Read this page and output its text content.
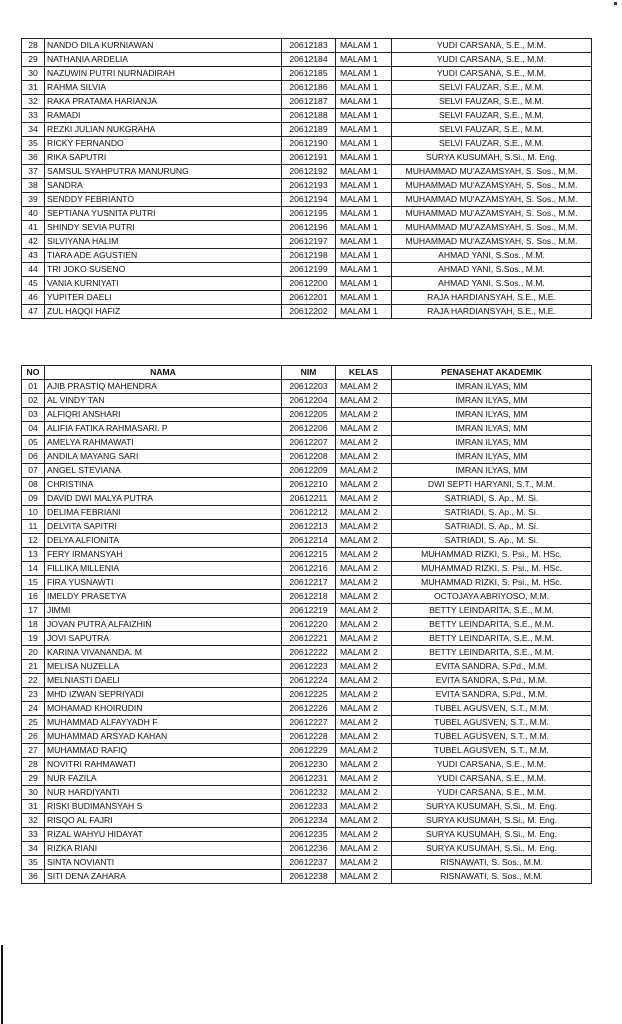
28	NANDO DILA KURNIAWAN	20612183	MALAM 1	YUDI CARSANA, S.E., M.M.
29	NATHANIA ARDELIA	20612184	MALAM 1	YUDI CARSANA, S.E., M.M.
30	NAZUWIN PUTRI NURNADIRAH	20612185	MALAM 1	YUDI CARSANA, S.E., M.M.
31	RAHMA SILVIA	20612186	MALAM 1	SELVI FAUZAR, S.E., M.M.
32	RAKA PRATAMA HARIANJA	20612187	MALAM 1	SELVI FAUZAR, S.E., M.M.
33	RAMADI	20612188	MALAM 1	SELVI FAUZAR, S.E., M.M.
34	REZKI JULIAN NUKGRAHA	20612189	MALAM 1	SELVI FAUZAR, S.E., M.M.
35	RICKY FERNANDO	20612190	MALAM 1	SELVI FAUZAR, S.E., M.M.
36	RIKA SAPUTRI	20612191	MALAM 1	SURYA KUSUMAH, S.Si., M. Eng.
37	SAMSUL SYAHPUTRA MANURUNG	20612192	MALAM 1	MUHAMMAD MU'AZAMSYAH, S. Sos., M.M.
38	SANDRA	20612193	MALAM 1	MUHAMMAD MU'AZAMSYAH, S. Sos., M.M.
39	SENDDY FEBRIANTO	20612194	MALAM 1	MUHAMMAD MU'AZAMSYAH, S. Sos., M.M.
40	SEPTIANA YUSNITA PUTRI	20612195	MALAM 1	MUHAMMAD MU'AZAMSYAH, S. Sos., M.M.
41	SHINDY SEVIA PUTRI	20612196	MALAM 1	MUHAMMAD MU'AZAMSYAH, S. Sos., M.M.
42	SILVIYANA HALIM	20612197	MALAM 1	MUHAMMAD MU'AZAMSYAH, S. Sos., M.M.
43	TIARA ADE AGUSTIEN	20612198	MALAM 1	AHMAD YANI, S.Sos., M.M.
44	TRI JOKO SUSENO	20612199	MALAM 1	AHMAD YANI, S.Sos., M.M.
45	VANIA KURNIYATI	20612200	MALAM 1	AHMAD YANI, S.Sos., M.M.
46	YUPITER DAELI	20612201	MALAM 1	RAJA HARDIANSYAH, S.E., M.E.
47	ZUL HAQQI HAFIZ	20612202	MALAM 1	RAJA HARDIANSYAH, S.E., M.E.
NO	NAMA	NIM	KELAS	PENASEHAT AKADEMIK
01	AJIB PRASTIQ MAHENDRA	20612203	MALAM 2	IMRAN ILYAS, MM
02	AL VINDY TAN	20612204	MALAM 2	IMRAN ILYAS, MM
03	ALFIQRI ANSHARI	20612205	MALAM 2	IMRAN ILYAS, MM
04	ALIFIA FATIKA RAHMASARI. P	20612206	MALAM 2	IMRAN ILYAS, MM
05	AMELYA RAHMAWATI	20612207	MALAM 2	IMRAN ILYAS, MM
06	ANDILA MAYANG SARI	20612208	MALAM 2	IMRAN ILYAS, MM
07	ANGEL STEVIANA	20612209	MALAM 2	IMRAN ILYAS, MM
08	CHRISTINA	20612210	MALAM 2	DWI SEPTI HARYANI, S.T., M.M.
09	DAVID DWI MALYA PUTRA	20612211	MALAM 2	SATRIADI, S. Ap., M. Si.
10	DELIMA FEBRIANI	20612212	MALAM 2	SATRIADI, S. Ap., M. Si.
11	DELVITA SAPITRI	20612213	MALAM 2	SATRIADI, S. Ap., M. Si.
12	DELYA ALFIONITA	20612214	MALAM 2	SATRIADI, S. Ap., M. Si.
13	FERY IRMANSYAH	20612215	MALAM 2	MUHAMMAD RIZKI, S. Psi., M. HSc.
14	FILLIKA MILLENIA	20612216	MALAM 2	MUHAMMAD RIZKI, S. Psi., M. HSc.
15	FIRA YUSNAWTI	20612217	MALAM 2	MUHAMMAD RIZKI, S. Psi., M. HSc.
16	IMELDY PRASETYA	20612218	MALAM 2	OCTOJAYA ABRIYOSO, M.M.
17	JIMMI	20612219	MALAM 2	BETTY LEINDARITA, S.E., M.M.
18	JOVAN PUTRA ALFAIZHIN	20612220	MALAM 2	BETTY LEINDARITA, S.E., M.M.
19	JOVI SAPUTRA	20612221	MALAM 2	BETTY LEINDARITA, S.E., M.M.
20	KARINA VIVANANDA. M	20612222	MALAM 2	BETTY LEINDARITA, S.E., M.M.
21	MELISA NUZELLA	20612223	MALAM 2	EVITA SANDRA, S.Pd., M.M.
22	MELNIASTI DAELI	20612224	MALAM 2	EVITA SANDRA, S.Pd., M.M.
23	MHD IZWAN SEPRIYADI	20612225	MALAM 2	EVITA SANDRA, S.Pd., M.M.
24	MOHAMAD KHOIRUDIN	20612226	MALAM 2	TUBEL AGUSVEN, S.T., M.M.
25	MUHAMMAD ALFAYYADH F	20612227	MALAM 2	TUBEL AGUSVEN, S.T., M.M.
26	MUHAMMAD ARSYAD KAHAN	20612228	MALAM 2	TUBEL AGUSVEN, S.T., M.M.
27	MUHAMMAD RAFIQ	20612229	MALAM 2	TUBEL AGUSVEN, S.T., M.M.
28	NOVITRI RAHMAWATI	20612230	MALAM 2	YUDI CARSANA, S.E., M.M.
29	NUR FAZILA	20612231	MALAM 2	YUDI CARSANA, S.E., M.M.
30	NUR HARDIYANTI	20612232	MALAM 2	YUDI CARSANA, S.E., M.M.
31	RISKI BUDIMANSYAH S	20612233	MALAM 2	SURYA KUSUMAH, S.Si., M. Eng.
32	RISQO AL FAJRI	20612234	MALAM 2	SURYA KUSUMAH, S.Si., M. Eng.
33	RIZAL WAHYU HIDAYAT	20612235	MALAM 2	SURYA KUSUMAH, S.Si., M. Eng.
34	RIZKA RIANI	20612236	MALAM 2	SURYA KUSUMAH, S.Si., M. Eng.
35	SINTA NOVIANTI	20612237	MALAM 2	RISNAWATI, S. Sos., M.M.
36	SITI DENA ZAHARA	20612238	MALAM 2	RISNAWATI, S. Sos., M.M.
